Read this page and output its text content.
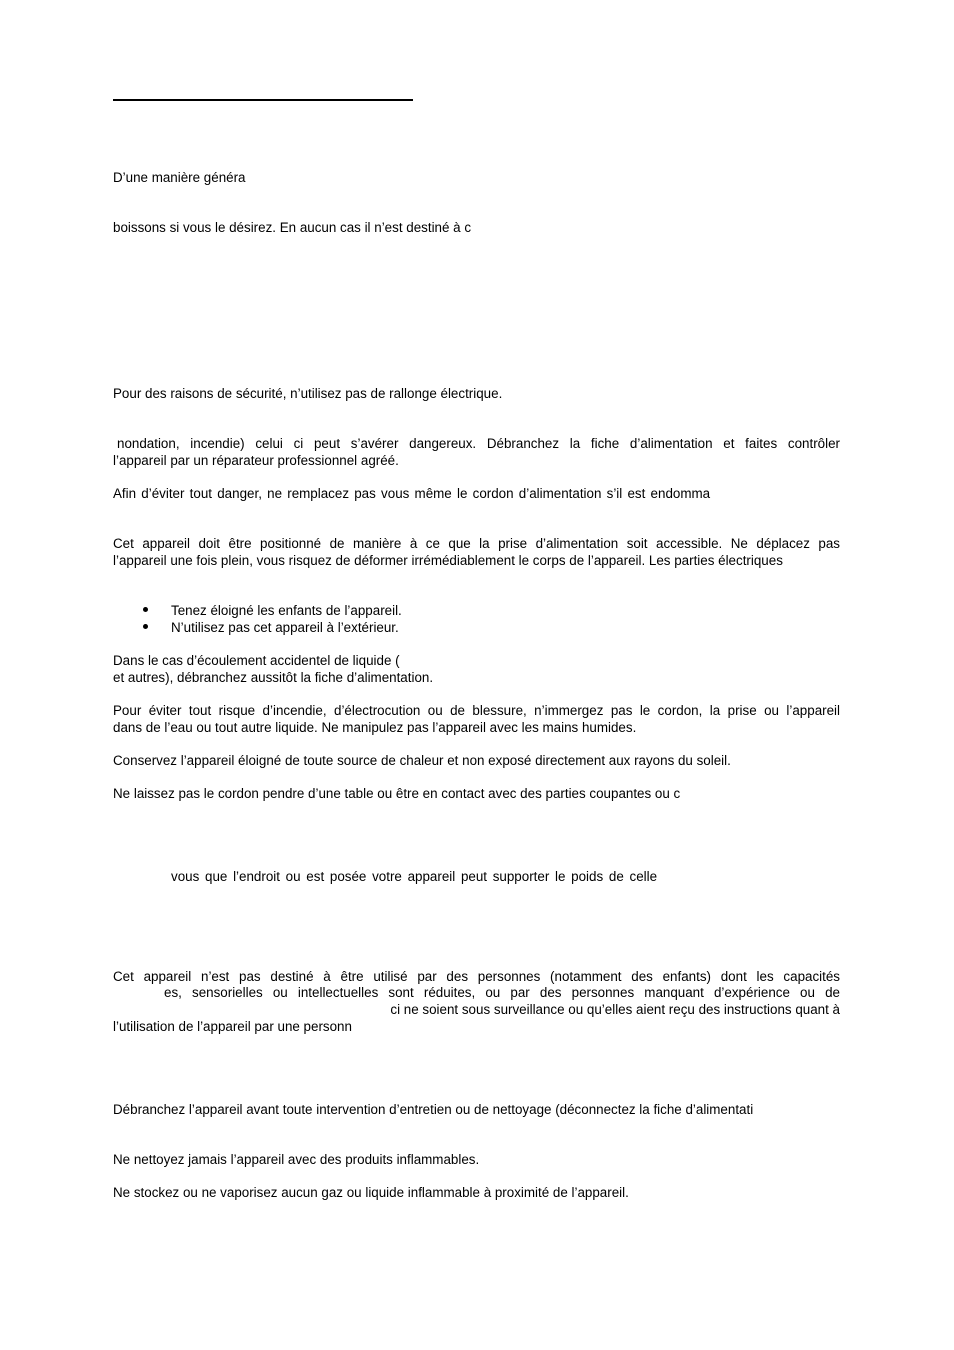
D’une manière généra
boissons si vous le désirez. En aucun cas il n’est destiné à c
Pour des raisons de sécurité, n’utilisez pas de rallonge électrique.
nondation, incendie) celui ci peut s’avérer dangereux. Débranchez la fiche d’alimentation et faites contrôler
l’appareil par un réparateur professionnel agréé.
Afin d’éviter tout danger, ne remplacez pas vous même le cordon d’alimentation s’il est endomma
Cet appareil doit être positionné de manière à ce que la prise d’alimentation soit accessible. Ne déplacez pas
l’appareil une fois plein, vous risquez de déformer irrémédiablement le corps de l’appareil. Les parties électriques
Tenez éloigné les enfants de l’appareil.
N’utilisez pas cet appareil à l’extérieur.
Dans le cas d’écoulement accidentel de liquide (
et autres), débranchez aussitôt la fiche d’alimentation.
Pour éviter tout risque d’incendie, d’électrocution ou de blessure, n’immergez pas le cordon, la prise ou l’appareil
dans de l’eau ou tout autre liquide. Ne manipulez pas l’appareil avec les mains humides.
Conservez l’appareil éloigné de toute source de chaleur et non exposé directement aux rayons du soleil.
Ne laissez pas le cordon pendre d’une table ou être en contact avec des parties coupantes ou c
vous que l’endroit ou est posée votre appareil peut supporter le poids de celle
Cet appareil n’est pas destiné à être utilisé par des personnes (notamment des enfants) dont les capacités
es, sensorielles ou intellectuelles sont réduites, ou par des personnes manquant d’expérience ou de
ci ne soient sous surveillance ou qu’elles aient reçu des instructions quant à
l’utilisation de l’appareil par une personn
Débranchez l’appareil avant toute intervention d’entretien ou de nettoyage (déconnectez la fiche d’alimentati
Ne nettoyez jamais l’appareil avec des produits inflammables.
Ne stockez ou ne vaporisez aucun gaz ou liquide inflammable à proximité de l’appareil.
